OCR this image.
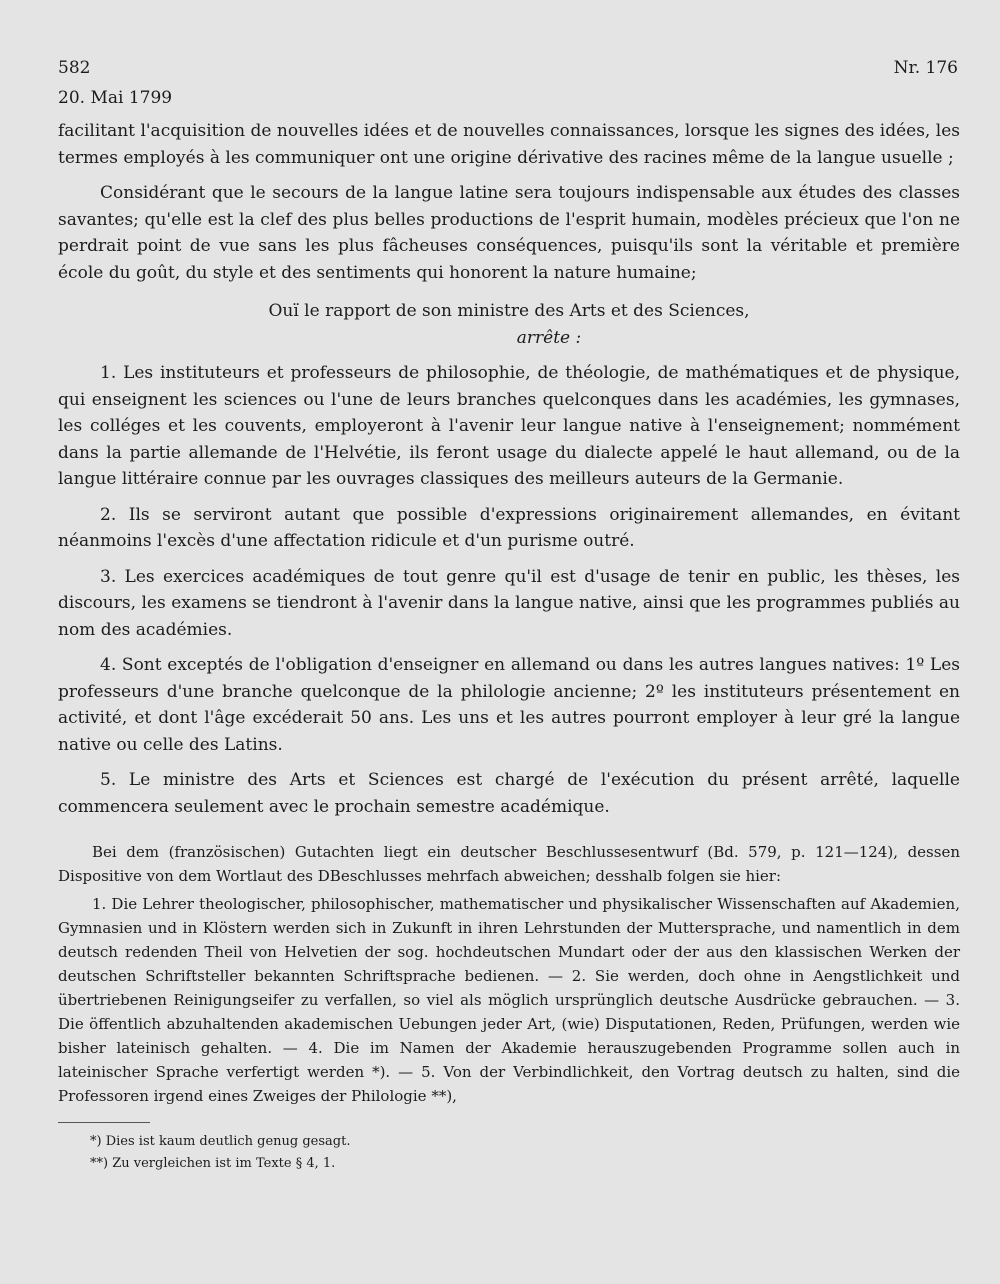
582	Nr. 176
20. Mai 1799

facilitant l'acquisition de nouvelles idées et de nouvelles connaissances, lorsque les signes des idées, les termes employés à les communiquer ont une origine dérivative des racines même de la langue usuelle ;

Considérant que le secours de la langue latine sera toujours indispensable aux études des classes savantes; qu'elle est la clef des plus belles productions de l'esprit humain, modèles précieux que l'on ne perdrait point de vue sans les plus fâcheuses conséquences, puisqu'ils sont la véritable et première école du goût, du style et des sentiments qui honorent la nature humaine;

Ouï le rapport de son ministre des Arts et des Sciences,

arrête :

1. Les instituteurs et professeurs de philosophie, de théologie, de mathématiques et de physique, qui enseignent les sciences ou l'une de leurs branches quelconques dans les académies, les gymnases, les colléges et les couvents, employeront à l'avenir leur langue native à l'enseignement; nommément dans la partie allemande de l'Helvétie, ils feront usage du dialecte appelé le haut allemand, ou de la langue littéraire connue par les ouvrages classiques des meilleurs auteurs de la Germanie.

2. Ils se serviront autant que possible d'expressions originairement allemandes, en évitant néanmoins l'excès d'une affectation ridicule et d'un purisme outré.

3. Les exercices académiques de tout genre qu'il est d'usage de tenir en public, les thèses, les discours, les examens se tiendront à l'avenir dans la langue native, ainsi que les programmes publiés au nom des académies.

4. Sont exceptés de l'obligation d'enseigner en allemand ou dans les autres langues natives: 1º Les professeurs d'une branche quelconque de la philologie ancienne; 2º les instituteurs présentement en activité, et dont l'âge excéderait 50 ans. Les uns et les autres pourront employer à leur gré la langue native ou celle des Latins.

5. Le ministre des Arts et Sciences est chargé de l'exécution du présent arrêté, laquelle commencera seulement avec le prochain semestre académique.

Bei dem (französischen) Gutachten liegt ein deutscher Beschlussesentwurf (Bd. 579, p. 121—124), dessen Dispositive von dem Wortlaut des DBeschlusses mehrfach abweichen; desshalb folgen sie hier:

1. Die Lehrer theologischer, philosophischer, mathematischer und physikalischer Wissenschaften auf Akademien, Gymnasien und in Klöstern werden sich in Zukunft in ihren Lehrstunden der Muttersprache, und namentlich in dem deutsch redenden Theil von Helvetien der sog. hochdeutschen Mundart oder der aus den klassischen Werken der deutschen Schriftsteller bekannten Schriftsprache bedienen. — 2. Sie werden, doch ohne in Aengstlichkeit und übertriebenen Reinigungseifer zu verfallen, so viel als möglich ursprünglich deutsche Ausdrücke gebrauchen. — 3. Die öffentlich abzuhaltenden akademischen Uebungen jeder Art, (wie) Disputationen, Reden, Prüfungen, werden wie bisher lateinisch gehalten. — 4. Die im Namen der Akademie herauszugebenden Programme sollen auch in lateinischer Sprache verfertigt werden *). — 5. Von der Verbindlichkeit, den Vortrag deutsch zu halten, sind die Professoren irgend eines Zweiges der Philologie **),

*) Dies ist kaum deutlich genug gesagt.

**) Zu vergleichen ist im Texte § 4, 1.
